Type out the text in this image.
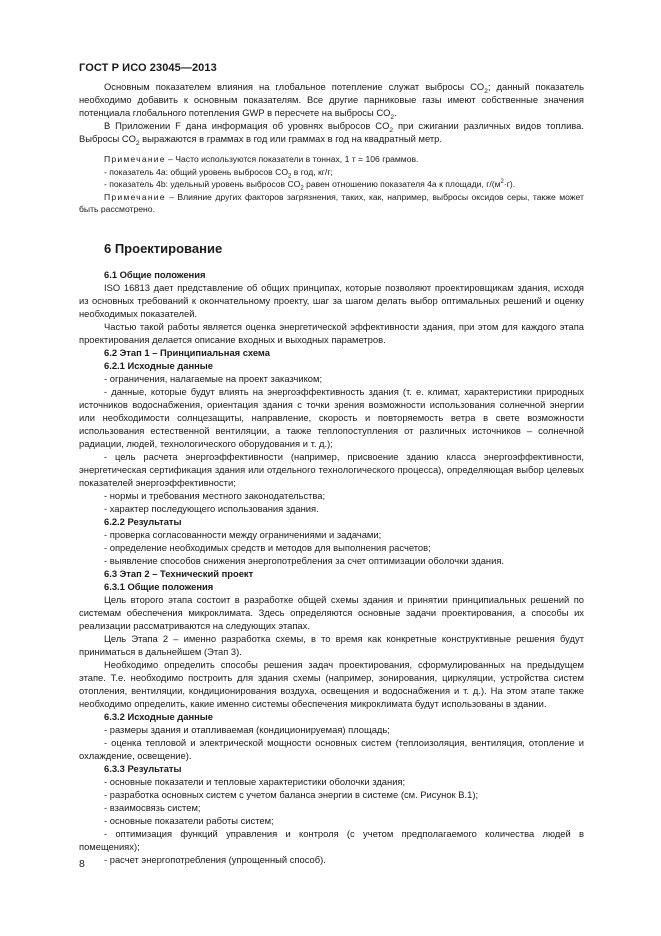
ГОСТ Р ИСО 23045—2013

Основным показателем влияния на глобальное потепление служат выбросы $CO_2$; данный показатель необходимо добавить к основным показателям. Все другие парниковые газы имеют собственные значения потенциала глобального потепления GWP в пересчете на выбросы $CO_2$.

В Приложении F дана информация об уровнях выбросов $CO_2$ при сжигании различных видов топлива. Выбросы $CO_2$ выражаются в граммах в год или граммах в год на квадратный метр.

Примечание – Часто используются показатели в тоннах, 1 т = 106 граммов.

- показатель 4а: общий уровень выбросов $CO_2$ в год, кг/г;

- показатель 4b: удельный уровень выбросов $CO_2$ равен отношению показателя 4а к площади, $г/(м^2\cdot г)$.

Примечание – Влияние других факторов загрязнения, таких, как, например, выбросы оксидов серы, также может быть рассмотрено.

6 Проектирование
6.1 Общие положения

ISO 16813 дает представление об общих принципах, которые позволяют проектировщикам здания, исходя из основных требований к окончательному проекту, шаг за шагом делать выбор оптимальных решений и оценку необходимых показателей.

Частью такой работы является оценка энергетической эффективности здания, при этом для каждого этапа проектирования делается описание входных и выходных параметров.

6.2 Этап 1 – Принципиальная схема
6.2.1 Исходные данные

- ограничения, налагаемые на проект заказчиком;

- данные, которые будут влиять на энергоэффективность здания (т. е. климат, характеристики природных источников водоснабжения, ориентация здания с точки зрения возможности использования солнечной энергии или необходимости солнцезащиты, направление, скорость и повторяемость ветра в свете возможности использования естественной вентиляции, а также теплопоступления от различных источников – солнечной радиации, людей, технологического оборудования и т. д.);

- цель расчета энергоэффективности (например, присвоение зданию класса энергоэффективности, энергетическая сертификация здания или отдельного технологического процесса), определяющая выбор целевых показателей энергоэффективности;

- нормы и требования местного законодательства;

- характер последующего использования здания.

6.2.2 Результаты

- проверка согласованности между ограничениями и задачами;

- определение необходимых средств и методов для выполнения расчетов;

- выявление способов снижения энергопотребления за счет оптимизации оболочки здания.

6.3 Этап 2 – Технический проект
6.3.1 Общие положения

Цель второго этапа состоит в разработке общей схемы здания и принятии принципиальных решений по системам обеспечения микроклимата. Здесь определяются основные задачи проектирования, а способы их реализации рассматриваются на следующих этапах.

Цель Этапа 2 – именно разработка схемы, в то время как конкретные конструктивные решения будут приниматься в дальнейшем (Этап 3).

Необходимо определить способы решения задач проектирования, сформулированных на предыдущем этапе. Т.е. необходимо построить для здания схемы (например, зонирования, циркуляции, устройства систем отопления, вентиляции, кондиционирования воздуха, освещения и водоснабжения и т. д.). На этом этапе также необходимо определить, какие именно системы обеспечения микроклимата будут использованы в здании.

6.3.2 Исходные данные

- размеры здания и отапливаемая (кондиционируемая) площадь;

- оценка тепловой и электрической мощности основных систем (теплоизоляция, вентиляция, отопление и охлаждение, освещение).

6.3.3 Результаты

- основные показатели и тепловые характеристики оболочки здания;

- разработка основных систем с учетом баланса энергии в системе (см. Рисунок В.1);

- взаимосвязь систем;

- основные показатели работы систем;

- оптимизация функций управления и контроля (с учетом предполагаемого количества людей в помещениях);

- расчет энергопотребления (упрощенный способ).

8
